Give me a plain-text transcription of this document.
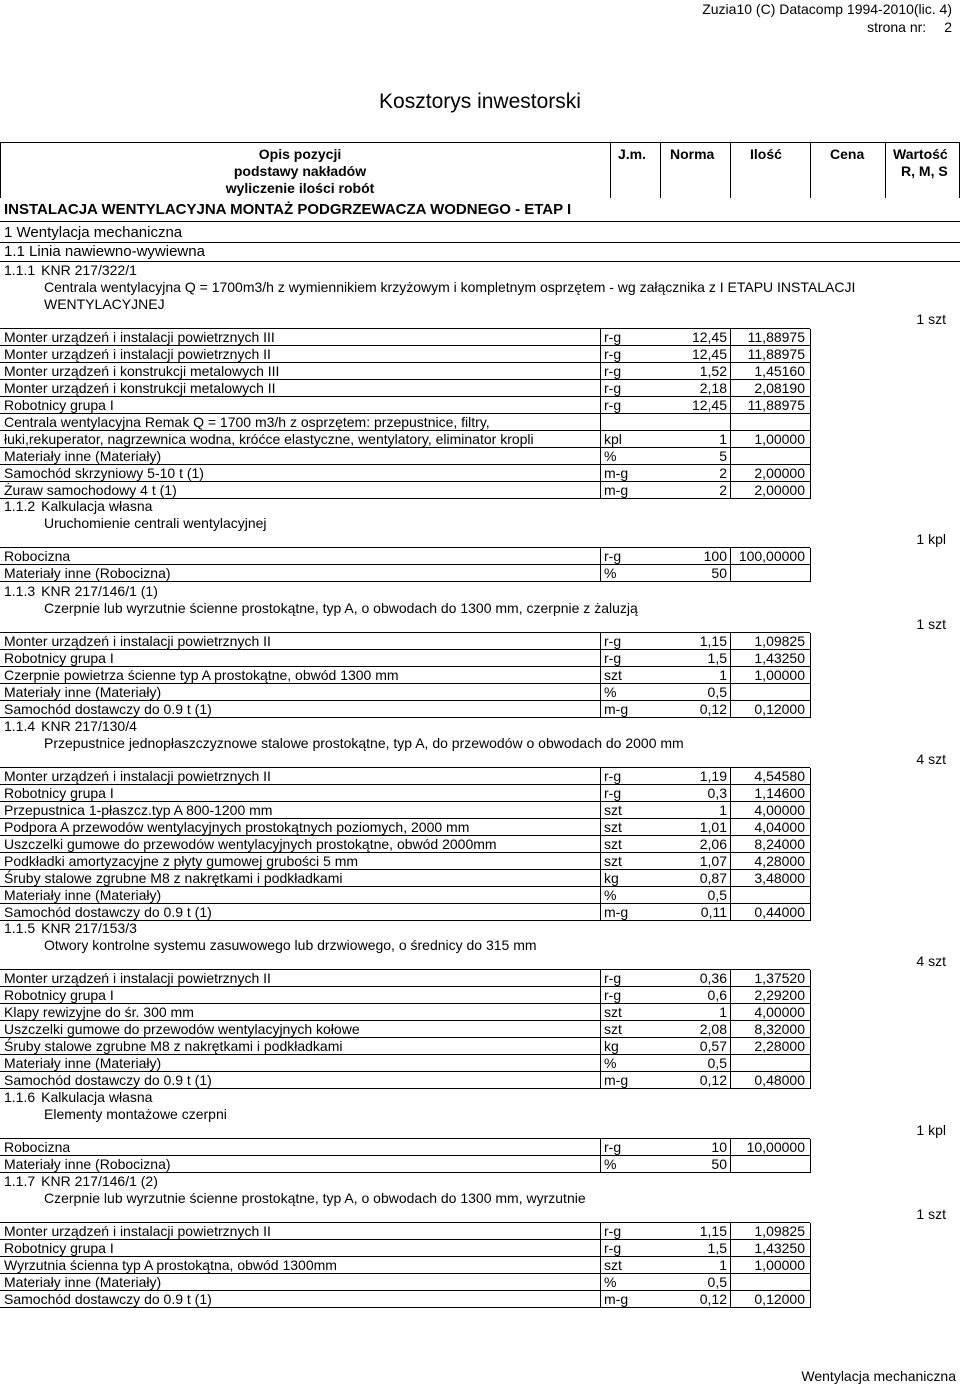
Zuzia10 (C) Datacomp 1994-2010(lic. 4)
strona nr: 2
Kosztorys inwestorski
Opis pozycji
podstawy nakładów
wyliczenie ilości robót
J.m. Norma	Ilość	Cena Wartość
R, M, S
INSTALACJA WENTYLACYJNA MONTAŻ PODGRZEWACZA WODNEGO - ETAP I
1 Wentylacja mechaniczna
1.1 Linia nawiewno-wywiewna
1.1.1 KNR 217/322/1
Centrala wentylacyjna Q = 1700m3/h z wymiennikiem krzyżowym i kompletnym osprzętem - wg załącznika z I ETAPU INSTALACJI WENTYLACYJNEJ
1 szt
Monter urządzeń i instalacji powietrznych III	r-g	12,45 11,88975
Monter urządzeń i instalacji powietrznych II	r-g	12,45 11,88975
Monter urządzeń i konstrukcji metalowych III	r-g	1,52 1,45160
Monter urządzeń i konstrukcji metalowych II	r-g	2,18 2,08190
Robotnicy grupa I	r-g	12,45 11,88975
Centrala wentylacyjna Remak Q = 1700 m3/h z osprzętem: przepustnice, filtry,
łuki,rekuperator, nagrzewnica wodna, króćce elastyczne, wentylatory, eliminator kropli	kpl	1 1,00000
Materiały inne (Materiały)	%	5
Samochód skrzyniowy 5-10 t (1)	m-g	2 2,00000
Żuraw samochodowy 4 t (1)	m-g	2 2,00000
1.1.2 Kalkulacja własna
Uruchomienie centrali wentylacyjnej
1 kpl
Robocizna	r-g	100 100,00000
Materiały inne (Robocizna)	%	50
1.1.3 KNR 217/146/1 (1)
Czerpnie lub wyrzutnie ścienne prostokątne, typ A, o obwodach do 1300 mm, czerpnie z żaluzją
1 szt
Monter urządzeń i instalacji powietrznych II	r-g	1,15 1,09825
Robotnicy grupa I	r-g	1,5 1,43250
Czerpnie powietrza ścienne typ A prostokątne, obwód 1300 mm	szt	1 1,00000
Materiały inne (Materiały)	%	0,5
Samochód dostawczy do 0.9 t (1)	m-g	0,12 0,12000
1.1.4 KNR 217/130/4
Przepustnice jednopłaszczyznowe stalowe prostokątne, typ A, do przewodów o obwodach do 2000 mm
4 szt
Monter urządzeń i instalacji powietrznych II	r-g	1,19 4,54580
Robotnicy grupa I	r-g	0,3 1,14600
Przepustnica 1-płaszcz.typ A 800-1200 mm	szt	1 4,00000
Podpora A przewodów wentylacyjnych prostokątnych poziomych, 2000 mm	szt	1,01 4,04000
Uszczelki gumowe do przewodów wentylacyjnych prostokątne, obwód 2000mm	szt	2,06 8,24000
Podkładki amortyzacyjne z płyty gumowej grubości 5 mm	szt	1,07 4,28000
Śruby stalowe zgrubne M8 z nakrętkami i podkładkami	kg	0,87 3,48000
Materiały inne (Materiały)	%	0,5
Samochód dostawczy do 0.9 t (1)	m-g	0,11 0,44000
1.1.5 KNR 217/153/3
Otwory kontrolne systemu zasuwowego lub drzwiowego, o średnicy do 315 mm
4 szt
Monter urządzeń i instalacji powietrznych II	r-g	0,36 1,37520
Robotnicy grupa I	r-g	0,6 2,29200
Klapy rewizyjne do śr. 300 mm	szt	1 4,00000
Uszczelki gumowe do przewodów wentylacyjnych kołowe	szt	2,08 8,32000
Śruby stalowe zgrubne M8 z nakrętkami i podkładkami	kg	0,57 2,28000
Materiały inne (Materiały)	%	0,5
Samochód dostawczy do 0.9 t (1)	m-g	0,12 0,48000
1.1.6 Kalkulacja własna
Elementy montażowe czerpni
1 kpl
Robocizna	r-g	10 10,00000
Materiały inne (Robocizna)	%	50
1.1.7 KNR 217/146/1 (2)
Czerpnie lub wyrzutnie ścienne prostokątne, typ A, o obwodach do 1300 mm, wyrzutnie
1 szt
Monter urządzeń i instalacji powietrznych II	r-g	1,15 1,09825
Robotnicy grupa I	r-g	1,5 1,43250
Wyrzutnia ścienna typ A prostokątna, obwód 1300mm	szt	1 1,00000
Materiały inne (Materiały)	%	0,5
Samochód dostawczy do 0.9 t (1)	m-g	0,12 0,12000
Wentylacja mechaniczna
